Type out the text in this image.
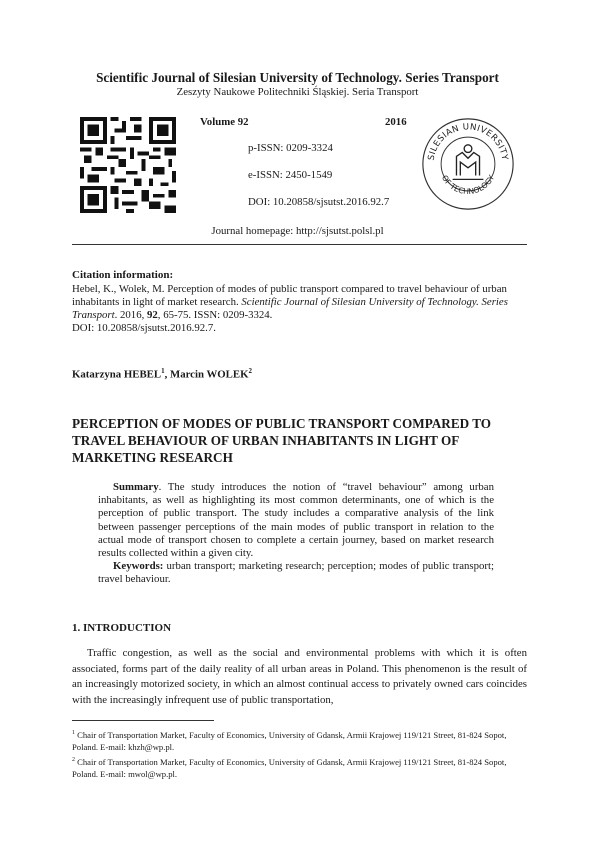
Scientific Journal of Silesian University of Technology. Series Transport
Zeszyty Naukowe Politechniki Śląskiej. Seria Transport
Volume 92	2016
p-ISSN: 0209-3324
e-ISSN: 2450-1549
DOI: 10.20858/sjsutst.2016.92.7
SILESIAN UNIVERSITY
OF TECHNOLOGY
Journal homepage: http://sjsutst.polsl.pl
Citation information:
Hebel, K., Wolek, M. Perception of modes of public transport compared to travel behaviour of urban inhabitants in light of market research. Scientific Journal of Silesian University of Technology. Series Transport. 2016, 92, 65-75. ISSN: 0209-3324.
DOI: 10.20858/sjsutst.2016.92.7.
Katarzyna HEBEL$^1$, Marcin WOLEK$^2$
PERCEPTION OF MODES OF PUBLIC TRANSPORT COMPARED TO TRAVEL BEHAVIOUR OF URBAN INHABITANTS IN LIGHT OF MARKETING RESEARCH

Summary. The study introduces the notion of “travel behaviour” among urban inhabitants, as well as highlighting its most common determinants, one of which is the perception of public transport. The study includes a comparative analysis of the link between passenger perceptions of the main modes of public transport in relation to the actual mode of transport chosen to complete a certain journey, based on market research results collected within a given city.

Keywords: urban transport; marketing research; perception; modes of public transport; travel behaviour.

1. INTRODUCTION
Traffic congestion, as well as the social and environmental problems with which it is often associated, forms part of the daily reality of all urban areas in Poland. This phenomenon is the result of an increasingly motorized society, in which an almost continual access to privately owned cars coincides with the increasingly infrequent use of public transportation,

$^1$ Chair of Transportation Market, Faculty of Economics, University of Gdansk, Armii Krajowej 119/121 Street, 81-824 Sopot, Poland. E-mail: khzh@wp.pl.

$^2$ Chair of Transportation Market, Faculty of Economics, University of Gdansk, Armii Krajowej 119/121 Street, 81-824 Sopot, Poland. E-mail: mwol@wp.pl.
